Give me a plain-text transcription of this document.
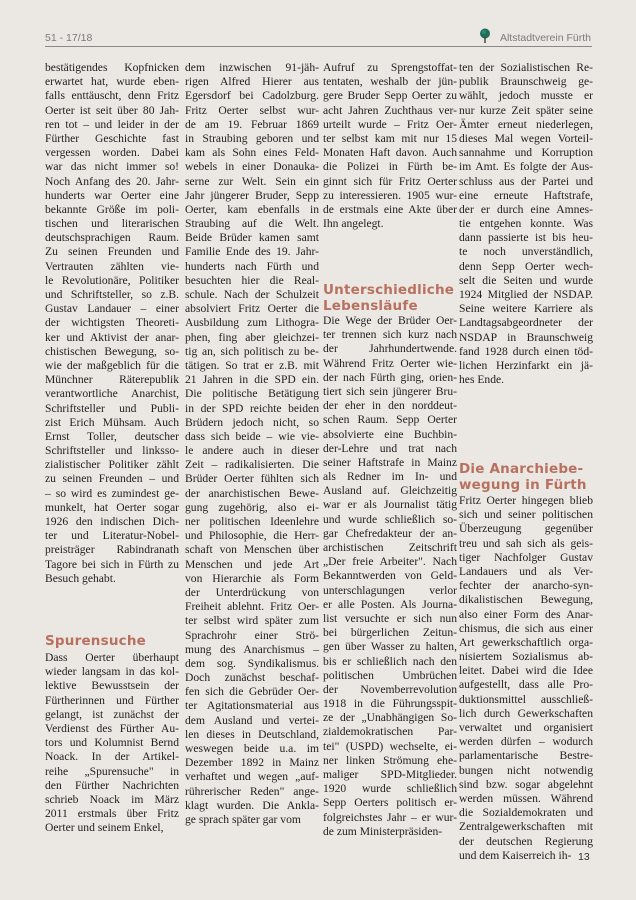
51 - 17/18	Altstadtverein Fürth
bestätigendes Kopfnicken
erwartet hat, wurde eben-
falls enttäuscht, denn Fritz
Oerter ist seit über 80 Jah-
ren tot – und leider in der
Fürther Geschichte fast
vergessen worden. Dabei
war das nicht immer so!
Noch Anfang des 20. Jahr-
hunderts war Oerter eine
bekannte Größe im poli-
tischen und literarischen
deutschsprachigen Raum.
Zu seinen Freunden und
Vertrauten zählten vie-
le Revolutionäre, Politiker
und Schriftsteller, so z.B.
Gustav Landauer – einer
der wichtigsten Theoreti-
ker und Aktivist der anar-
chistischen Bewegung, so-
wie der maßgeblich für die
Münchner Räterepublik
verantwortliche Anarchist,
Schriftsteller und Publi-
zist Erich Mühsam. Auch
Ernst Toller, deutscher
Schriftsteller und linksso-
zialistischer Politiker zählt
zu seinen Freunden – und
– so wird es zumindest ge-
munkelt, hat Oerter sogar
1926 den indischen Dich-
ter und Literatur-Nobel-
preisträger Rabindranath
Tagore bei sich in Fürth zu
Besuch gehabt.
Spurensuche
Dass Oerter überhaupt
wieder langsam in das kol-
lektive Bewusstsein der
Fürtherinnen und Fürther
gelangt, ist zunächst der
Verdienst des Fürther Au-
tors und Kolumnist Bernd
Noack. In der Artikel-
reihe „Spurensuche" in
den Fürther Nachrichten
schrieb Noack im März
2011 erstmals über Fritz
Oerter und seinem Enkel,
dem inzwischen 91-jäh-
rigen Alfred Hierer aus
Egersdorf bei Cadolzburg.
Fritz Oerter selbst wur-
de am 19. Februar 1869
in Straubing geboren und
kam als Sohn eines Feld-
webels in einer Donauka-
serne zur Welt. Sein ein
Jahr jüngerer Bruder, Sepp
Oerter, kam ebenfalls in
Straubing auf die Welt.
Beide Brüder kamen samt
Familie Ende des 19. Jahr-
hunderts nach Fürth und
besuchten hier die Real-
schule. Nach der Schulzeit
absolviert Fritz Oerter die
Ausbildung zum Lithogra-
phen, fing aber gleichzei-
tig an, sich politisch zu be-
tätigen. So trat er z.B. mit
21 Jahren in die SPD ein.
Die politische Betätigung
in der SPD reichte beiden
Brüdern jedoch nicht, so
dass sich beide – wie vie-
le andere auch in dieser
Zeit – radikalisierten. Die
Brüder Oerter fühlten sich
der anarchistischen Bewe-
gung zugehörig, also ei-
ner politischen Ideenlehre
und Philosophie, die Herr-
schaft von Menschen über
Menschen und jede Art
von Hierarchie als Form
der Unterdrückung von
Freiheit ablehnt. Fritz Oer-
ter selbst wird später zum
Sprachrohr einer Strö-
mung des Anarchismus –
dem sog. Syndikalismus.
Doch zunächst beschaf-
fen sich die Gebrüder Oer-
ter Agitationsmaterial aus
dem Ausland und vertei-
len dieses in Deutschland,
weswegen beide u.a. im
Dezember 1892 in Mainz
verhaftet und wegen „auf-
rührerischer Reden" ange-
klagt wurden. Die Ankla-
ge sprach später gar vom
Aufruf zu Sprengstoffat-
tentaten, weshalb der jün-
gere Bruder Sepp Oerter zu
acht Jahren Zuchthaus ver-
urteilt wurde – Fritz Oer-
ter selbst kam mit nur 15
Monaten Haft davon. Auch
die Polizei in Fürth be-
ginnt sich für Fritz Oerter
zu interessieren. 1905 wur-
de erstmals eine Akte über
Ihn angelegt.
Unterschiedliche
Lebensläufe
Die Wege der Brüder Oer-
ter trennen sich kurz nach
der Jahrhundertwende.
Während Fritz Oerter wie-
der nach Fürth ging, orien-
tiert sich sein jüngerer Bru-
der eher in den norddeut-
schen Raum. Sepp Oerter
absolvierte eine Buchbin-
der-Lehre und trat nach
seiner Haftstrafe in Mainz
als Redner im In- und
Ausland auf. Gleichzeitig
war er als Journalist tätig
und wurde schließlich so-
gar Chefredakteur der an-
archistischen Zeitschrift
„Der freie Arbeiter". Nach
Bekanntwerden von Geld-
unterschlagungen verlor
er alle Posten. Als Journa-
list versuchte er sich nun
bei bürgerlichen Zeitun-
gen über Wasser zu halten,
bis er schließlich nach den
politischen Umbrüchen
der Novemberrevolution
1918 in die Führungsspit-
ze der „Unabhängigen So-
zialdemokratischen Par-
tei" (USPD) wechselte, ei-
ner linken Strömung ehe-
maliger SPD-Mitglieder.
1920 wurde schließlich
Sepp Oerters politisch er-
folgreichstes Jahr – er wur-
de zum Ministerpräsiden-
ten der Sozialistischen Re-
publik Braunschweig ge-
wählt, jedoch musste er
nur kurze Zeit später seine
Ämter erneut niederlegen,
dieses Mal wegen Vorteil-
sannahme und Korruption
im Amt. Es folgte der Aus-
schluss aus der Partei und
eine erneute Haftstrafe,
der er durch eine Amnes-
tie entgehen konnte. Was
dann passierte ist bis heu-
te noch unverständlich,
denn Sepp Oerter wech-
selt die Seiten und wurde
1924 Mitglied der NSDAP.
Seine weitere Karriere als
Landtagsabgeordneter der
NSDAP in Braunschweig
fand 1928 durch einen töd-
lichen Herzinfarkt ein jä-
hes Ende.
Die Anarchiebe-
wegung in Fürth
Fritz Oerter hingegen blieb
sich und seiner politischen
Überzeugung gegenüber
treu und sah sich als geis-
tiger Nachfolger Gustav
Landauers und als Ver-
fechter der anarcho-syn-
dikalistischen Bewegung,
also einer Form des Anar-
chismus, die sich aus einer
Art gewerkschaftlich orga-
nisiertem Sozialismus ab-
leitet. Dabei wird die Idee
aufgestellt, dass alle Pro-
duktionsmittel ausschließ-
lich durch Gewerkschaften
verwaltet und organisiert
werden dürfen – wodurch
parlamentarische Bestre-
bungen nicht notwendig
sind bzw. sogar abgelehnt
werden müssen. Während
die Sozialdemokraten und
Zentralgewerkschaften mit
der deutschen Regierung
und dem Kaiserreich ih- 13
